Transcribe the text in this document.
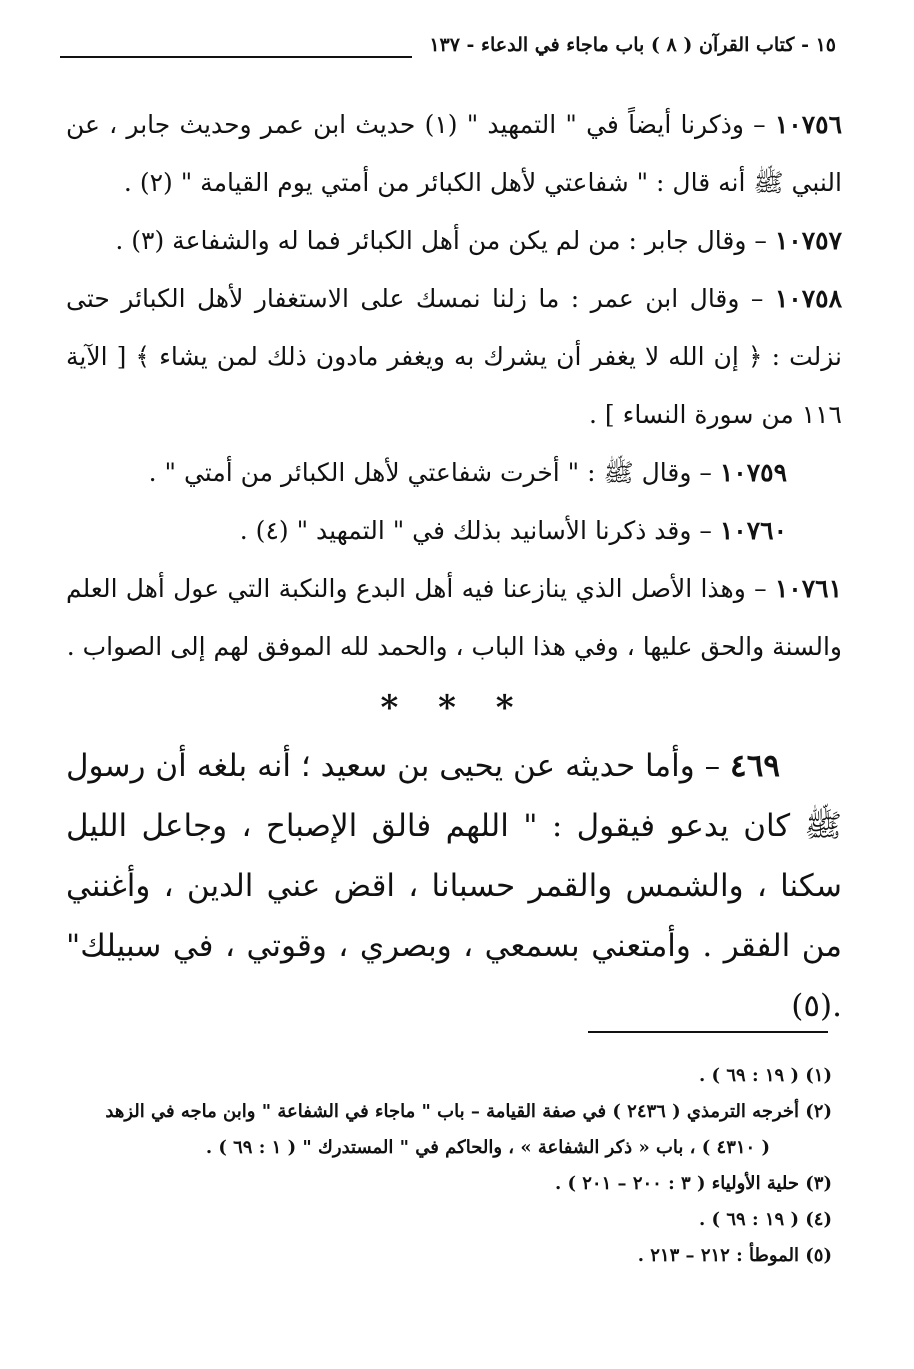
١٥ - كتاب القرآن ( ٨ ) باب ماجاء في الدعاء - ١٣٧

١٠٧٥٦ – وذكرنا أيضاً في " التمهيد " (١) حديث ابن عمر وحديث جابر ، عن النبي ﷺ أنه قال : " شفاعتي لأهل الكبائر من أمتي يوم القيامة " (٢) .

١٠٧٥٧ – وقال جابر : من لم يكن من أهل الكبائر فما له والشفاعة (٣) .

١٠٧٥٨ – وقال ابن عمر : ما زلنا نمسك على الاستغفار لأهل الكبائر حتى نزلت : ﴿ إن الله لا يغفر أن يشرك به ويغفر مادون ذلك لمن يشاء ﴾ [ الآية ١١٦ من سورة النساء ] .

١٠٧٥٩ – وقال ﷺ : " أخرت شفاعتي لأهل الكبائر من أمتي " .

١٠٧٦٠ – وقد ذكرنا الأسانيد بذلك في " التمهيد " (٤) .

١٠٧٦١ – وهذا الأصل الذي ينازعنا فيه أهل البدع والنكبة التي عول أهل العلم والسنة والحق عليها ، وفي هذا الباب ، والحمد لله الموفق لهم إلى الصواب .

* * *

٤٦٩ – وأما حديثه عن يحيى بن سعيد ؛ أنه بلغه أن رسول ﷺ كان يدعو فيقول : " اللهم فالق الإصباح ، وجاعل الليل سكنا ، والشمس والقمر حسبانا ، اقض عني الدين ، وأغنني من الفقر . وأمتعني بسمعي ، وبصري ، وقوتي ، في سبيلك" .(٥)

(١) ( ١٩ : ٦٩ ) .

(٢) أخرجه الترمذي ( ٢٤٣٦ ) في صفة القيامة – باب " ماجاء في الشفاعة " وابن ماجه في الزهد

( ٤٣١٠ ) ، باب « ذكر الشفاعة » ، والحاكم في " المستدرك " ( ١ : ٦٩ ) .

(٣) حلية الأولياء ( ٣ : ٢٠٠ – ٢٠١ ) .

(٤) ( ١٩ : ٦٩ ) .

(٥) الموطأ : ٢١٢ – ٢١٣ .
